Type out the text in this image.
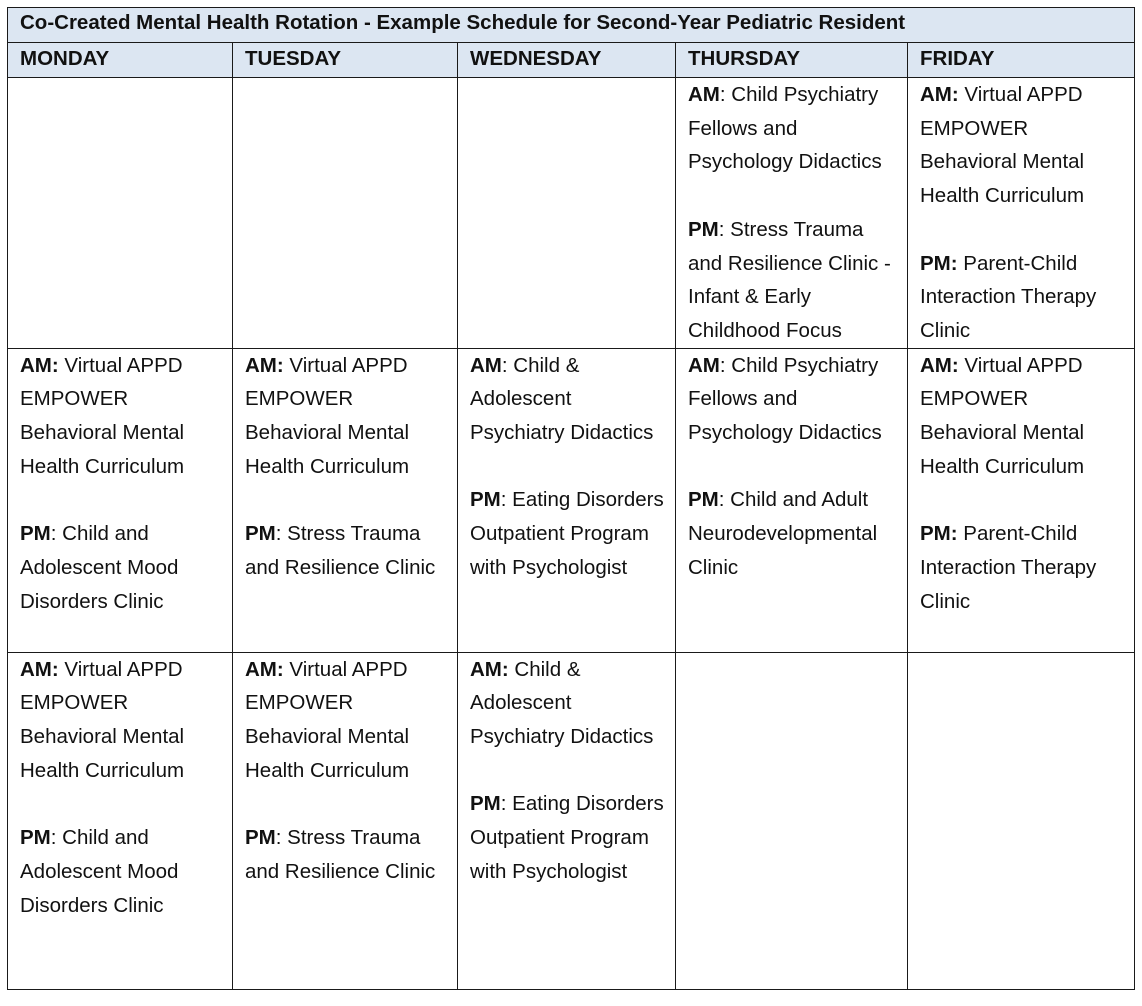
Co-Created Mental Health Rotation - Example Schedule for Second-Year Pediatric Resident				
MONDAY	TUESDAY	WEDNESDAY	THURSDAY	FRIDAY

			AM: Child Psychiatry Fellows and Psychology Didactics
PM: Stress Trauma and Resilience Clinic - Infant & Early Childhood Focus	AM: Virtual APPD EMPOWER Behavioral Mental Health Curriculum
PM: Parent-Child Interaction Therapy Clinic

AM: Virtual APPD EMPOWER Behavioral Mental Health Curriculum
PM: Child and Adolescent Mood Disorders Clinic	AM: Virtual APPD EMPOWER Behavioral Mental Health Curriculum
PM: Stress Trauma and Resilience Clinic	AM: Child & Adolescent Psychiatry Didactics
PM: Eating Disorders Outpatient Program with Psychologist	AM: Child Psychiatry Fellows and Psychology Didactics
PM: Child and Adult Neurodevelopmental Clinic	AM: Virtual APPD EMPOWER Behavioral Mental Health Curriculum
PM: Parent-Child Interaction Therapy Clinic

AM: Virtual APPD EMPOWER Behavioral Mental Health Curriculum
PM: Child and Adolescent Mood Disorders Clinic	AM: Virtual APPD EMPOWER Behavioral Mental Health Curriculum
PM: Stress Trauma and Resilience Clinic	AM: Child & Adolescent Psychiatry Didactics
PM: Eating Disorders Outpatient Program with Psychologist		
